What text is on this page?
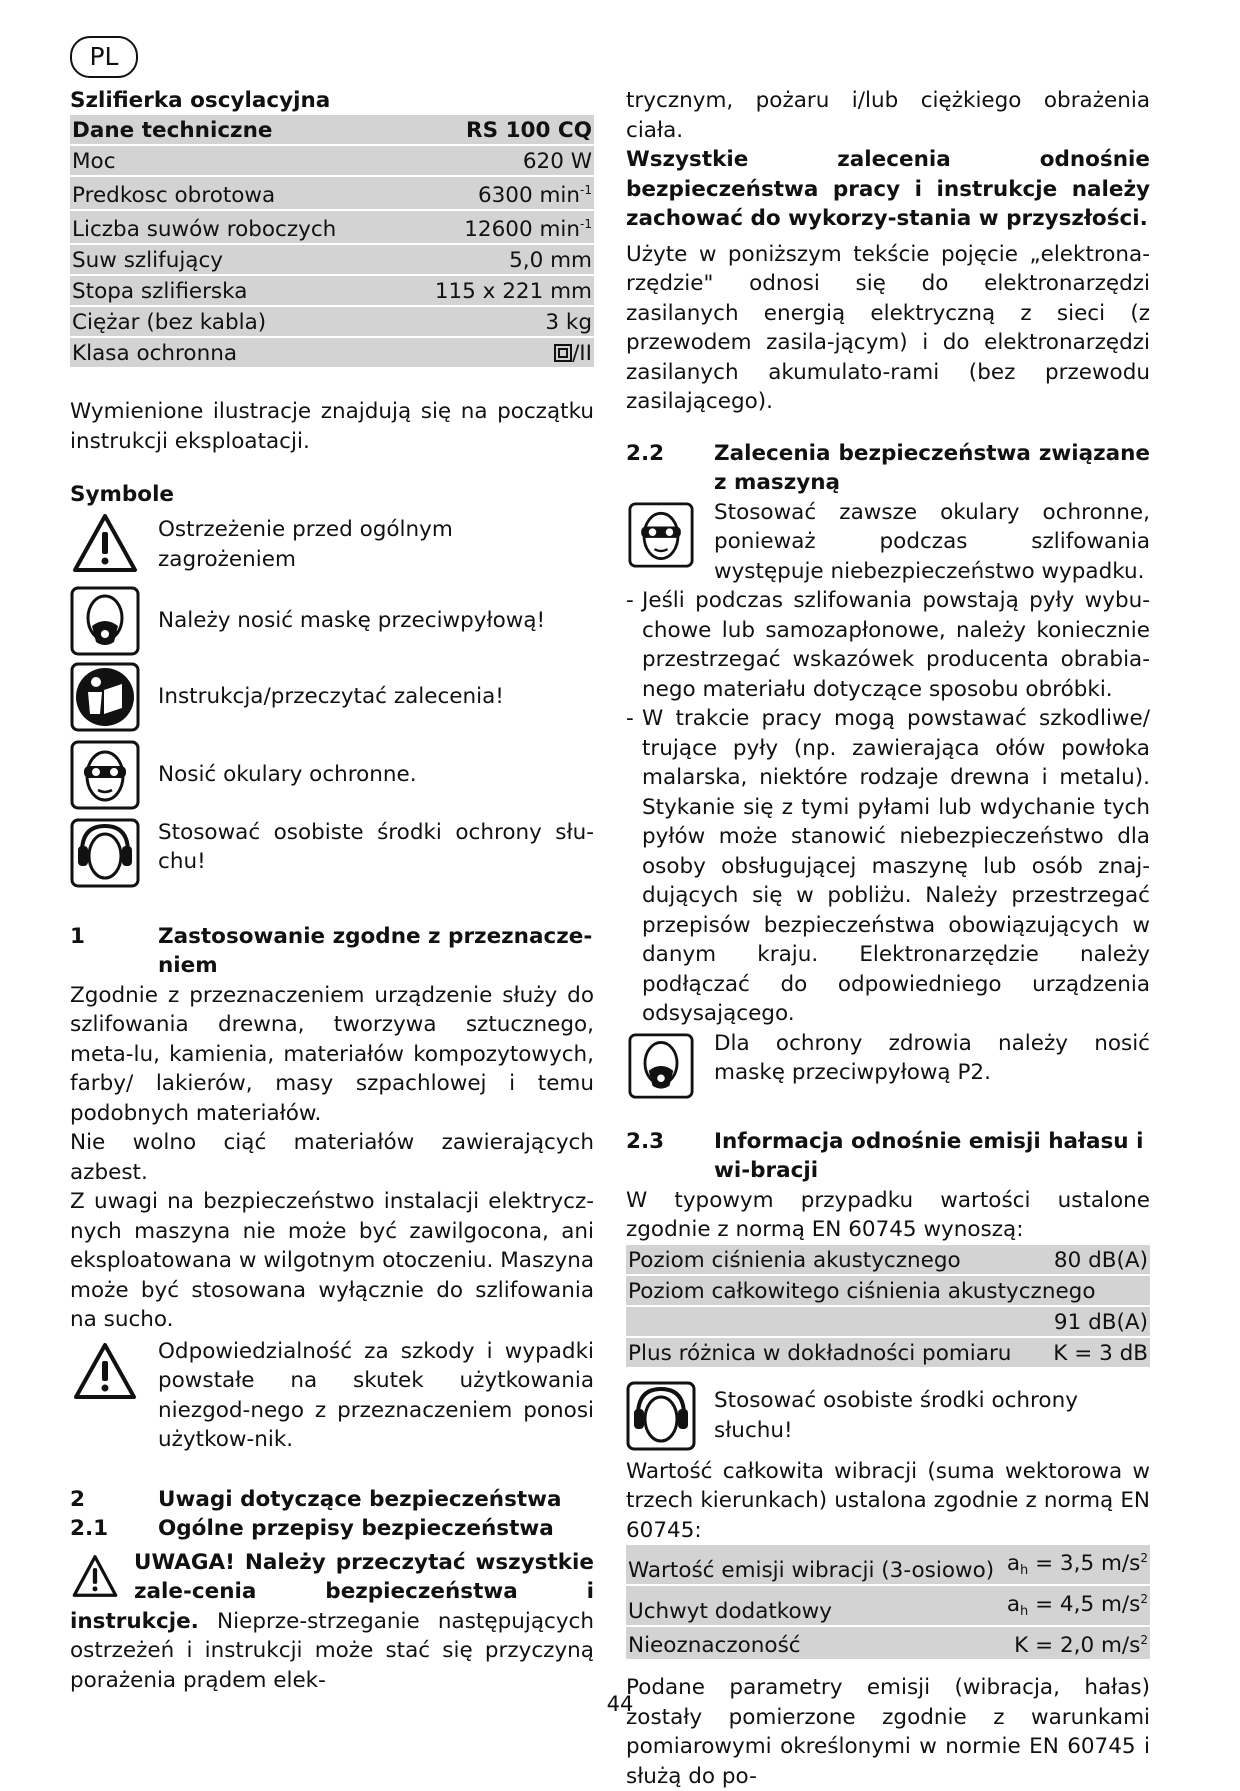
PL

Szlifierka oscylacyjna

Dane techniczne	RS 100 CQ
Moc	620 W
Predkosc obrotowa	6300 $\min^{-1}$
Liczba suwów roboczych	12600 $\min^{-1}$
Suw szlifujący	5,0 mm
Stopa szlifierska	115 x 221 mm
Ciężar (bez kabla)	3 kg
Klasa ochronna	/II

Wymienione ilustracje znajdują się na początku instrukcji eksploatacji.

Symbole

Ostrzeżenie przed ogólnym zagrożeniem
Należy nosić maskę przeciwpyłową!
Instrukcja/przeczytać zalecenia!
Nosić okulary ochronne.
Stosować osobiste środki ochrony słu-chu!
1	Zastosowanie zgodne z przeznacze-niem

Zgodnie z przeznaczeniem urządzenie służy do szlifowania drewna, tworzywa sztucznego, meta-lu, kamienia, materiałów kompozytowych, farby/ lakierów, masy szpachlowej i temu podobnych materiałów.

Nie wolno ciąć materiałów zawierających azbest.

Z uwagi na bezpieczeństwo instalacji elektrycz-nych maszyna nie może być zawilgocona, ani eksploatowana w wilgotnym otoczeniu. Maszyna może być stosowana wyłącznie do szlifowania na sucho.

Odpowiedzialność za szkody i wypadki powstałe na skutek użytkowania niezgod-nego z przeznaczeniem ponosi użytkow-nik.
2	Uwagi dotyczące bezpieczeństwa
2.1	Ogólne przepisy bezpieczeństwa

UWAGA! Należy przeczytać wszystkie zale-cenia bezpieczeństwa i instrukcje. Nieprze-strzeganie następujących ostrzeżeń i instrukcji może stać się przyczyną porażenia prądem elek-

trycznym, pożaru i/lub ciężkiego obrażenia ciała.

Wszystkie zalecenia odnośnie bezpieczeństwa pracy i instrukcje należy zachować do wykorzy-stania w przyszłości.

Użyte w poniższym tekście pojęcie „elektrona-rzędzie" odnosi się do elektronarzędzi zasilanych energią elektryczną z sieci (z przewodem zasila-jącym) i do elektronarzędzi zasilanych akumulato-rami (bez przewodu zasilającego).

2.2	Zalecenia bezpieczeństwa związane z maszyną

Stosować zawsze okulary ochronne, ponieważ podczas szlifowania występuje niebezpieczeństwo wypadku.

- Jeśli podczas szlifowania powstają pyły wybu-chowe lub samozapłonowe, należy koniecznie przestrzegać wskazówek producenta obrabia-nego materiału dotyczące sposobu obróbki.
- W trakcie pracy mogą powstawać szkodliwe/ trujące pyły (np. zawierająca ołów powłoka malarska, niektóre rodzaje drewna i metalu). Stykanie się z tymi pyłami lub wdychanie tych pyłów może stanowić niebezpieczeństwo dla osoby obsługującej maszynę lub osób znaj-dujących się w pobliżu. Należy przestrzegać przepisów bezpieczeństwa obowiązujących w danym kraju. Elektronarzędzie należy podłączać do odpowiedniego urządzenia odsysającego.

Dla ochrony zdrowia należy nosić maskę przeciwpyłową P2.

2.3	Informacja odnośnie emisji hałasu i wi-bracji

W typowym przypadku wartości ustalone zgodnie z normą EN 60745 wynoszą:

Poziom ciśnienia akustycznego	80 dB(A)
Poziom całkowitego ciśnienia akustycznego	
	91 dB(A)
Plus różnica w dokładności pomiaru	K = 3 dB
Stosować osobiste środki ochrony słuchu!

Wartość całkowita wibracji (suma wektorowa w trzech kierunkach) ustalona zgodnie z normą EN 60745:

Wartość emisji wibracji (3-osiowo)	$a_h = 3,5$ $m/s^2$
Uchwyt dodatkowy	$a_h = 4,5$ $m/s^2$
Nieoznaczoność	K = 2,0 $m/s^2$

Podane parametry emisji (wibracja, hałas) zostały pomierzone zgodnie z warunkami pomiarowymi określonymi w normie EN 60745 i służą do po-

44
